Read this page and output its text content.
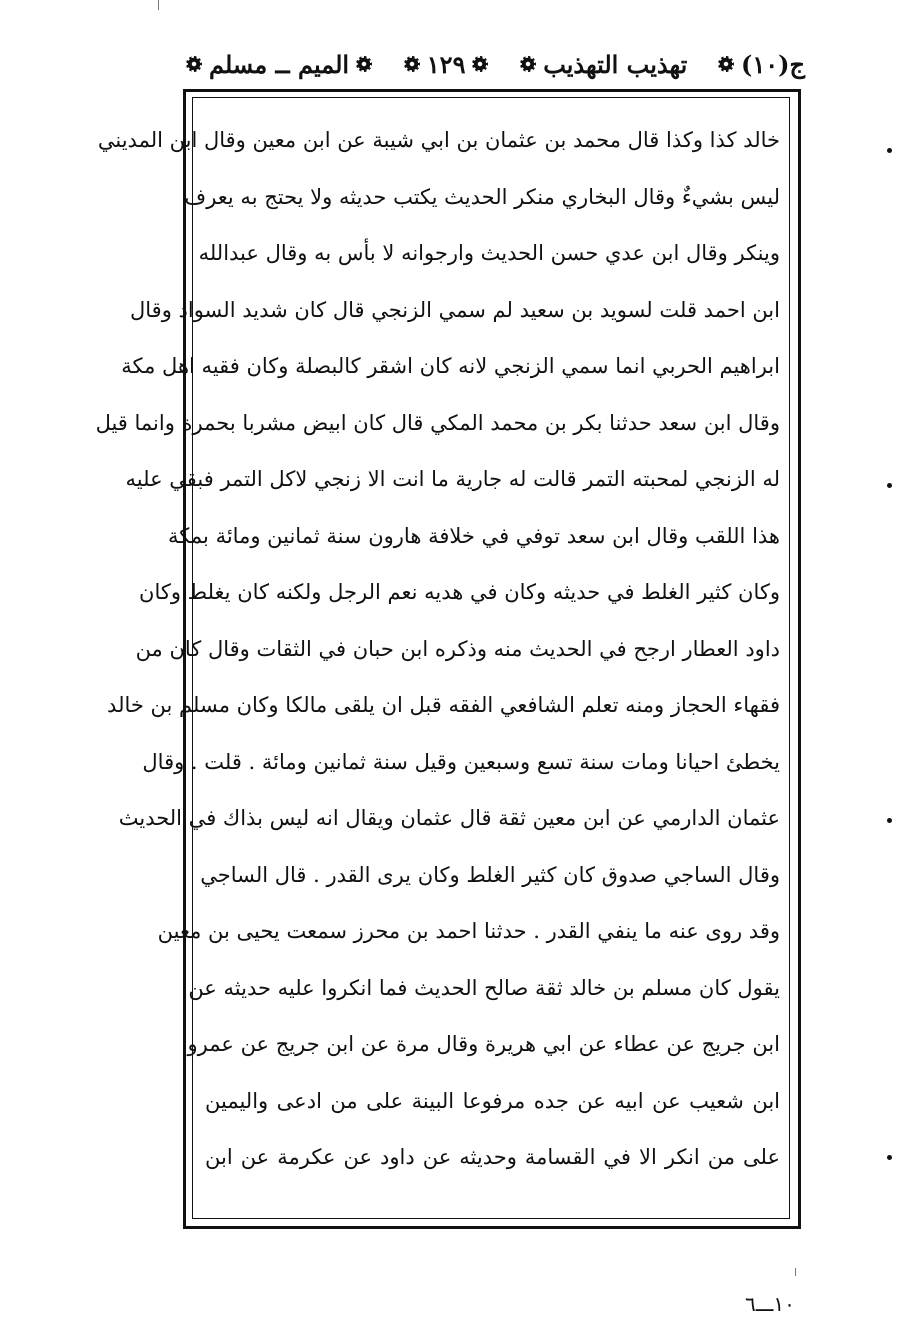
ج(١٠)
تهذيب التهذيب
١٢٩
الميم ــ مسلم
خالد كذا وكذا قال محمد بن عثمان بن ابي شيبة عن ابن معين وقال ابن المديني
ليس بشيءٌ وقال البخاري منكر الحديث يكتب حديثه ولا يحتج به يعرف
وينكر وقال ابن عدي حسن الحديث وارجوانه لا بأس به وقال عبدالله
ابن احمد قلت لسويد بن سعيد لم سمي الزنجي قال كان شديد السواد وقال
ابراهيم الحربي انما سمي الزنجي لانه كان اشقر كالبصلة وكان فقيه اهل مكة
وقال ابن سعد حدثنا بكر بن محمد المكي قال كان ابيض مشربا بحمرة وانما قيل
له الزنجي لمحبته التمر قالت له جارية ما انت الا زنجي لاكل التمر فبقي عليه
هذا اللقب وقال ابن سعد توفي في خلافة هارون سنة ثمانين ومائة بمكة
وكان كثير الغلط في حديثه وكان في هديه نعم الرجل ولكنه كان يغلط وكان
داود العطار ارجح في الحديث منه وذكره ابن حبان في الثقات وقال كان من
فقهاء الحجاز ومنه تعلم الشافعي الفقه قبل ان يلقى مالكا وكان مسلم بن خالد
يخطئ احيانا ومات سنة تسع وسبعين وقيل سنة ثمانين ومائة . قلت . وقال
عثمان الدارمي عن ابن معين ثقة قال عثمان ويقال انه ليس بذاك في الحديث
وقال الساجي صدوق كان كثير الغلط وكان يرى القدر . قال الساجي
وقد روى عنه ما ينفي القدر . حدثنا احمد بن محرز سمعت يحيى بن معين
يقول كان مسلم بن خالد ثقة صالح الحديث فما انكروا عليه حديثه عن
ابن جريج عن عطاء عن ابي هريرة وقال مرة عن ابن جريج عن عمرو
ابن شعيب عن ابيه عن جده مرفوعا البينة على من ادعى واليمين
على من انكر الا في القسامة وحديثه عن داود عن عكرمة عن ابن
١٠ـــ٦
